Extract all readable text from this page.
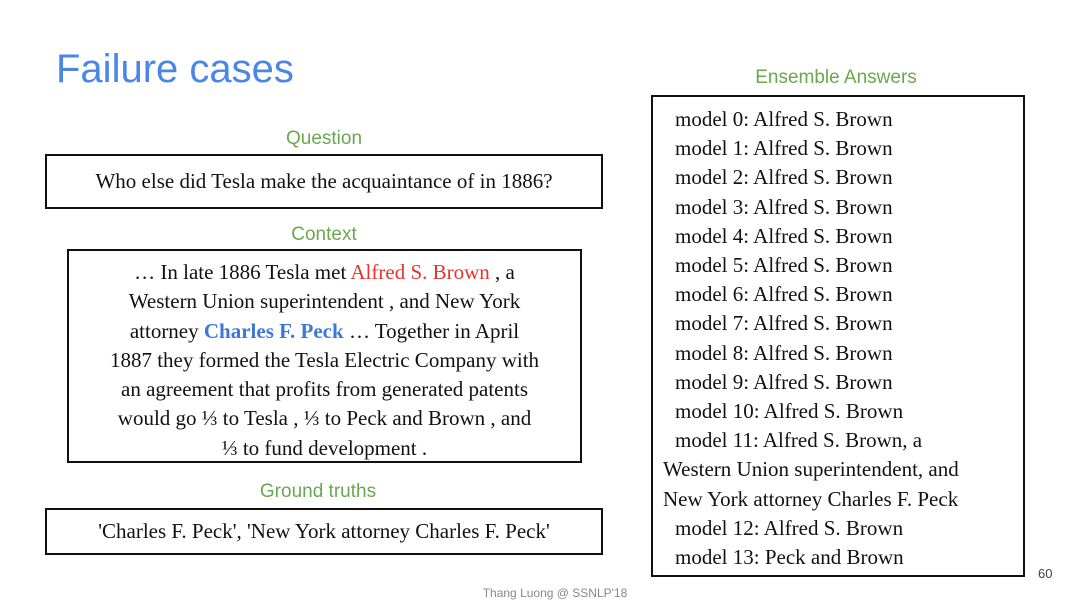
Failure cases
Question
Who else did Tesla make the acquaintance of in 1886?
Context
… In late 1886 Tesla met Alfred S. Brown , a
Western Union superintendent , and New York
attorney Charles F. Peck … Together in April
1887 they formed the Tesla Electric Company with
an agreement that profits from generated patents
would go ⅓ to Tesla , ⅓ to Peck and Brown , and
⅓ to fund development .
Ground truths
'Charles F. Peck', 'New York attorney Charles F. Peck'
Ensemble Answers
model 0: Alfred S. Brown
model 1: Alfred S. Brown
model 2: Alfred S. Brown
model 3: Alfred S. Brown
model 4: Alfred S. Brown
model 5: Alfred S. Brown
model 6: Alfred S. Brown
model 7: Alfred S. Brown
model 8: Alfred S. Brown
model 9: Alfred S. Brown
model 10: Alfred S. Brown
model 11: Alfred S. Brown, a
Western Union superintendent, and
New York attorney Charles F. Peck
model 12: Alfred S. Brown
model 13: Peck and Brown
60
Thang Luong @ SSNLP'18
